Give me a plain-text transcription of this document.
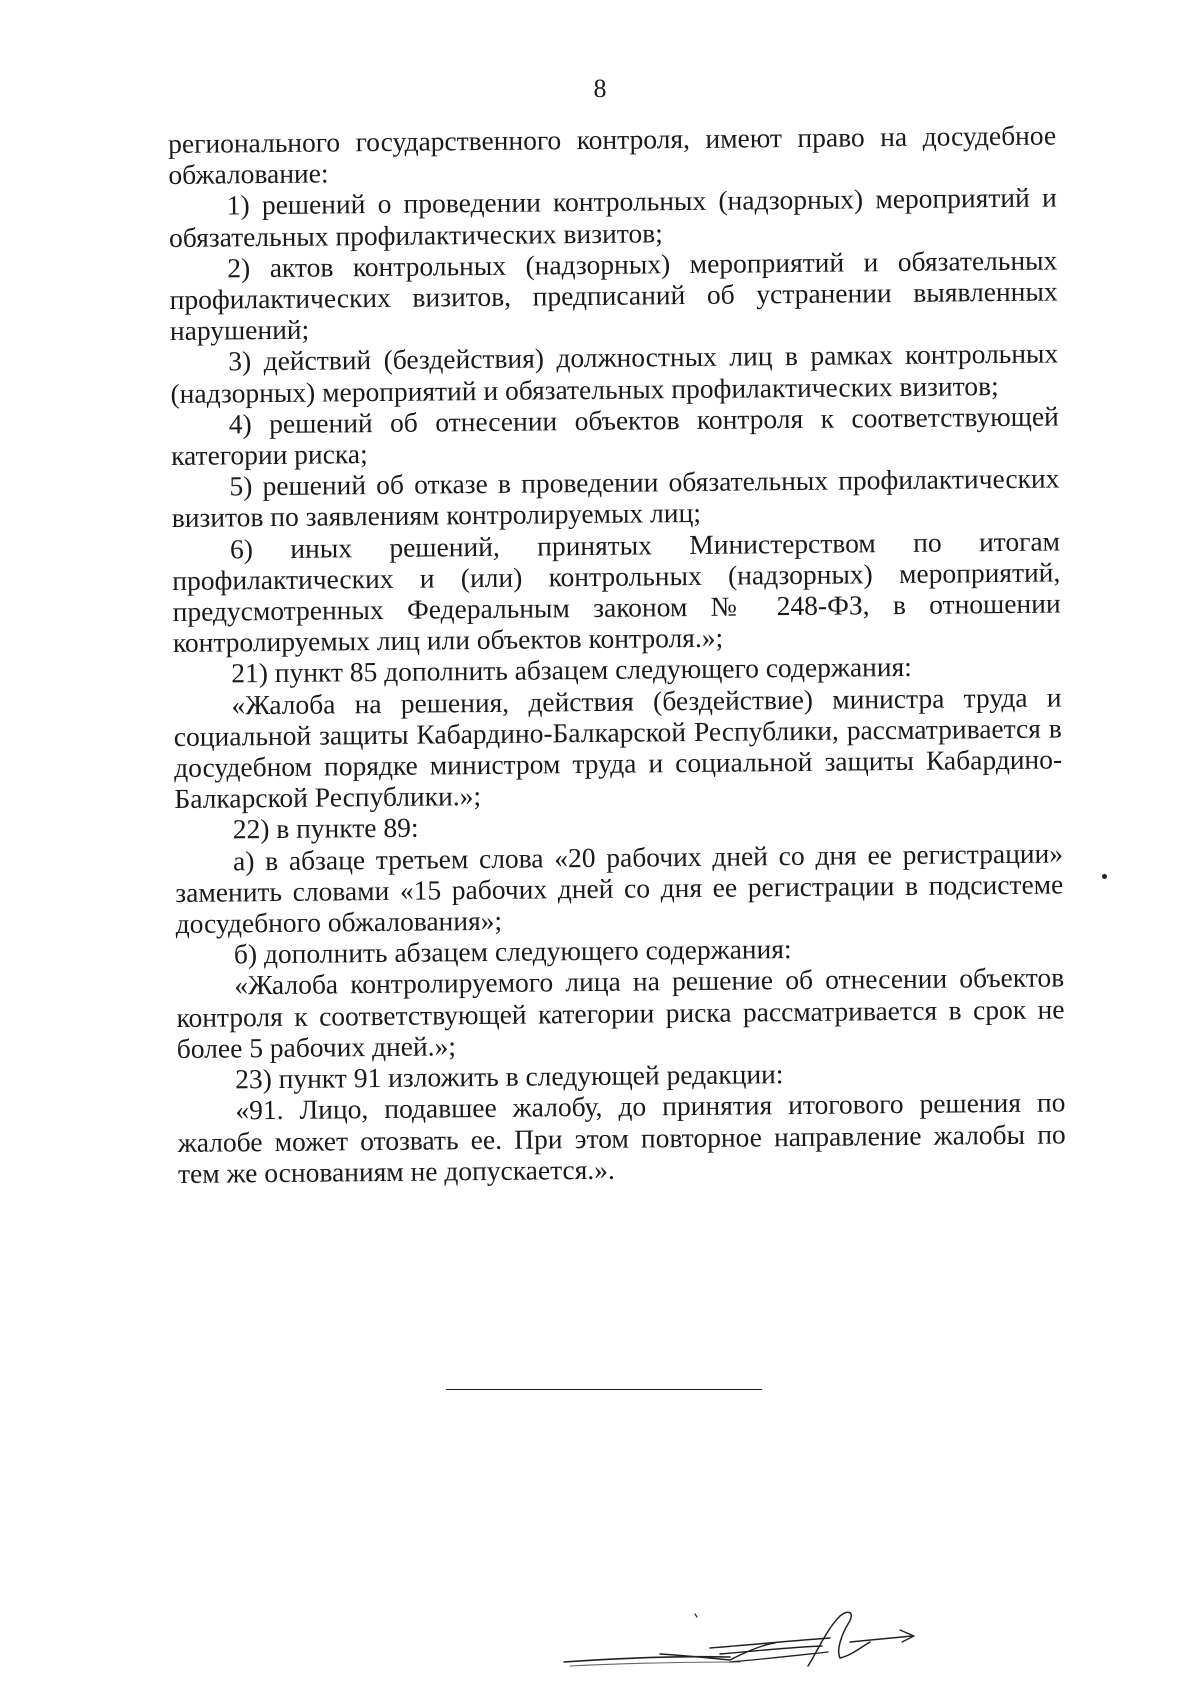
8

регионального государственного контроля, имеют право на досудебное обжалование:

1) решений о проведении контрольных (надзорных) мероприятий и обязательных профилактических визитов;

2) актов контрольных (надзорных) мероприятий и обязательных профилактических визитов, предписаний об устранении выявленных нарушений;

3) действий (бездействия) должностных лиц в рамках контрольных (надзорных) мероприятий и обязательных профилактических визитов;

4) решений об отнесении объектов контроля к соответствующей категории риска;

5) решений об отказе в проведении обязательных профилактических визитов по заявлениям контролируемых лиц;

6) иных решений, принятых Министерством по итогам профилактических и (или) контрольных (надзорных) мероприятий, предусмотренных Федеральным законом № 248-ФЗ, в отношении контролируемых лиц или объектов контроля.»;

21) пункт 85 дополнить абзацем следующего содержания:

«Жалоба на решения, действия (бездействие) министра труда и социальной защиты Кабардино-Балкарской Республики, рассматривается в досудебном порядке министром труда и социальной защиты Кабардино-Балкарской Республики.»;

22) в пункте 89:

а) в абзаце третьем слова «20 рабочих дней со дня ее регистрации» заменить словами «15 рабочих дней со дня ее регистрации в подсистеме досудебного обжалования»;

б) дополнить абзацем следующего содержания:

«Жалоба контролируемого лица на решение об отнесении объектов контроля к соответствующей категории риска рассматривается в срок не более 5 рабочих дней.»;

23) пункт 91 изложить в следующей редакции:

«91. Лицо, подавшее жалобу, до принятия итогового решения по жалобе может отозвать ее. При этом повторное направление жалобы по тем же основаниям не допускается.».
